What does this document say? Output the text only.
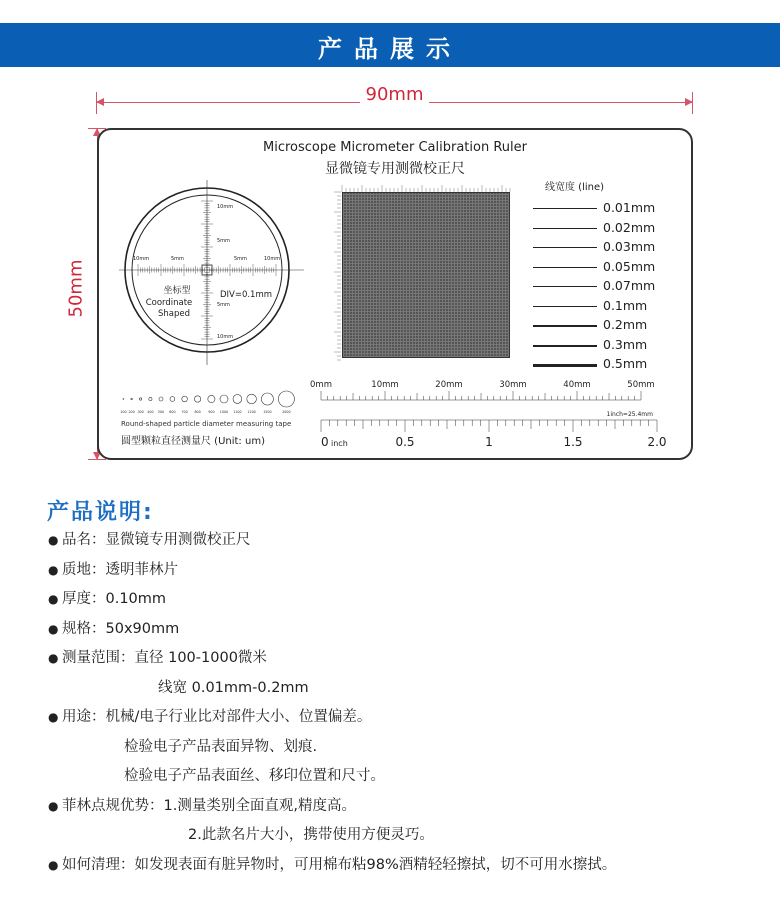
产品展示
90mm
50mm
Microscope Micrometer Calibration Ruler
显微镜专用测微校正尺
10mm	5mm	5mm	10mm
10mm
5mm
5mm
10mm
坐标型
Coordinate
Shaped
DIV=0.1mm
线宽度 (line)
0.01mm
0.02mm
0.03mm
0.05mm
0.07mm
0.1mm
0.2mm
0.3mm
0.5mm
0mm	10mm	20mm	30mm	40mm	50mm
1inch=25.4mm
0	0.5	1	1.5	2.0
inch
100 200 300 400 500 600 700 800 900 1000 1100 1200 1500	2000
Round-shaped particle diameter measuring tape
圆型颗粒直径测量尺 (Unit: um)
产品说明:
● 品名：显微镜专用测微校正尺
● 质地：透明菲林片
● 厚度：0.10mm
● 规格：50x90mm
● 测量范围：直径 100-1000微米
线宽 0.01mm-0.2mm
● 用途：机械/电子行业比对部件大小、位置偏差。
检验电子产品表面异物、划痕.
检验电子产品表面丝、移印位置和尺寸。
● 菲林点规优势：1.测量类别全面直观,精度高。
2.此款名片大小，携带使用方便灵巧。
● 如何清理：如发现表面有脏异物时，可用棉布粘98%酒精轻轻擦拭，切不可用水擦拭。
